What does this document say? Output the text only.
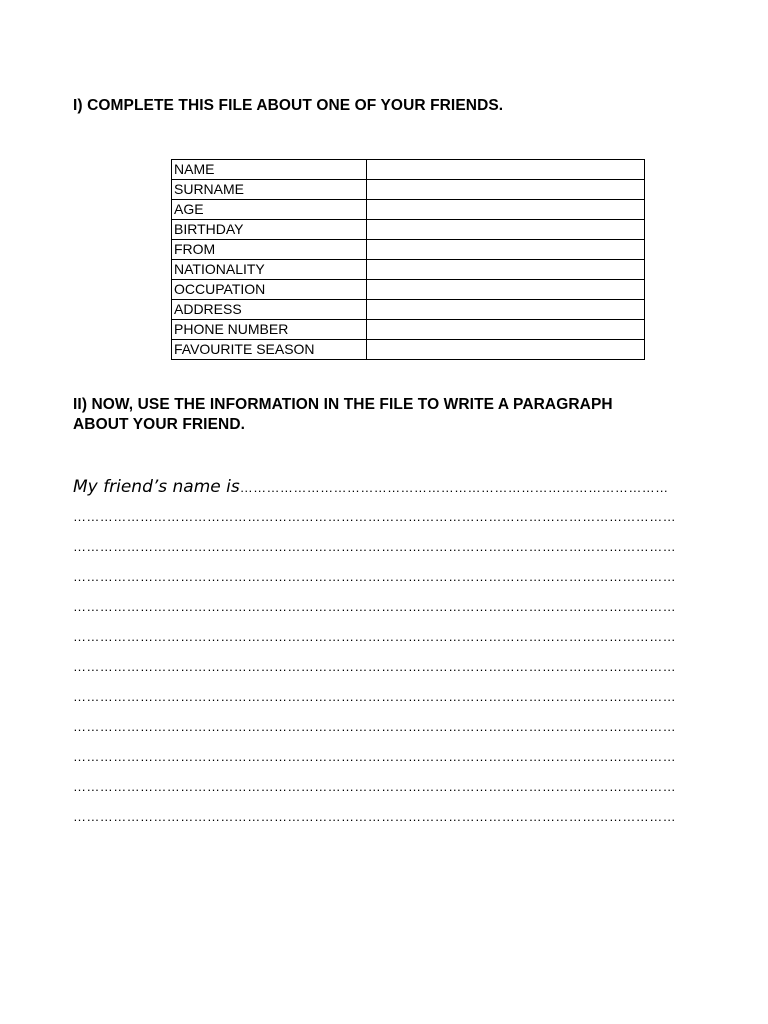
I) COMPLETE THIS FILE ABOUT ONE OF YOUR FRIENDS.
NAME	
SURNAME	
AGE	
BIRTHDAY	
FROM	
NATIONALITY	
OCCUPATION	
ADDRESS	
PHONE NUMBER	
FAVOURITE SEASON	
II) NOW, USE THE INFORMATION IN THE FILE TO WRITE A PARAGRAPH ABOUT YOUR FRIEND.
My friend’s name is……………………………………………………………………………………
………………………………………………………………………………………………………………………
………………………………………………………………………………………………………………………
………………………………………………………………………………………………………………………
………………………………………………………………………………………………………………………
………………………………………………………………………………………………………………………
………………………………………………………………………………………………………………………
………………………………………………………………………………………………………………………
………………………………………………………………………………………………………………………
………………………………………………………………………………………………………………………
………………………………………………………………………………………………………………………
………………………………………………………………………………………………………………………
